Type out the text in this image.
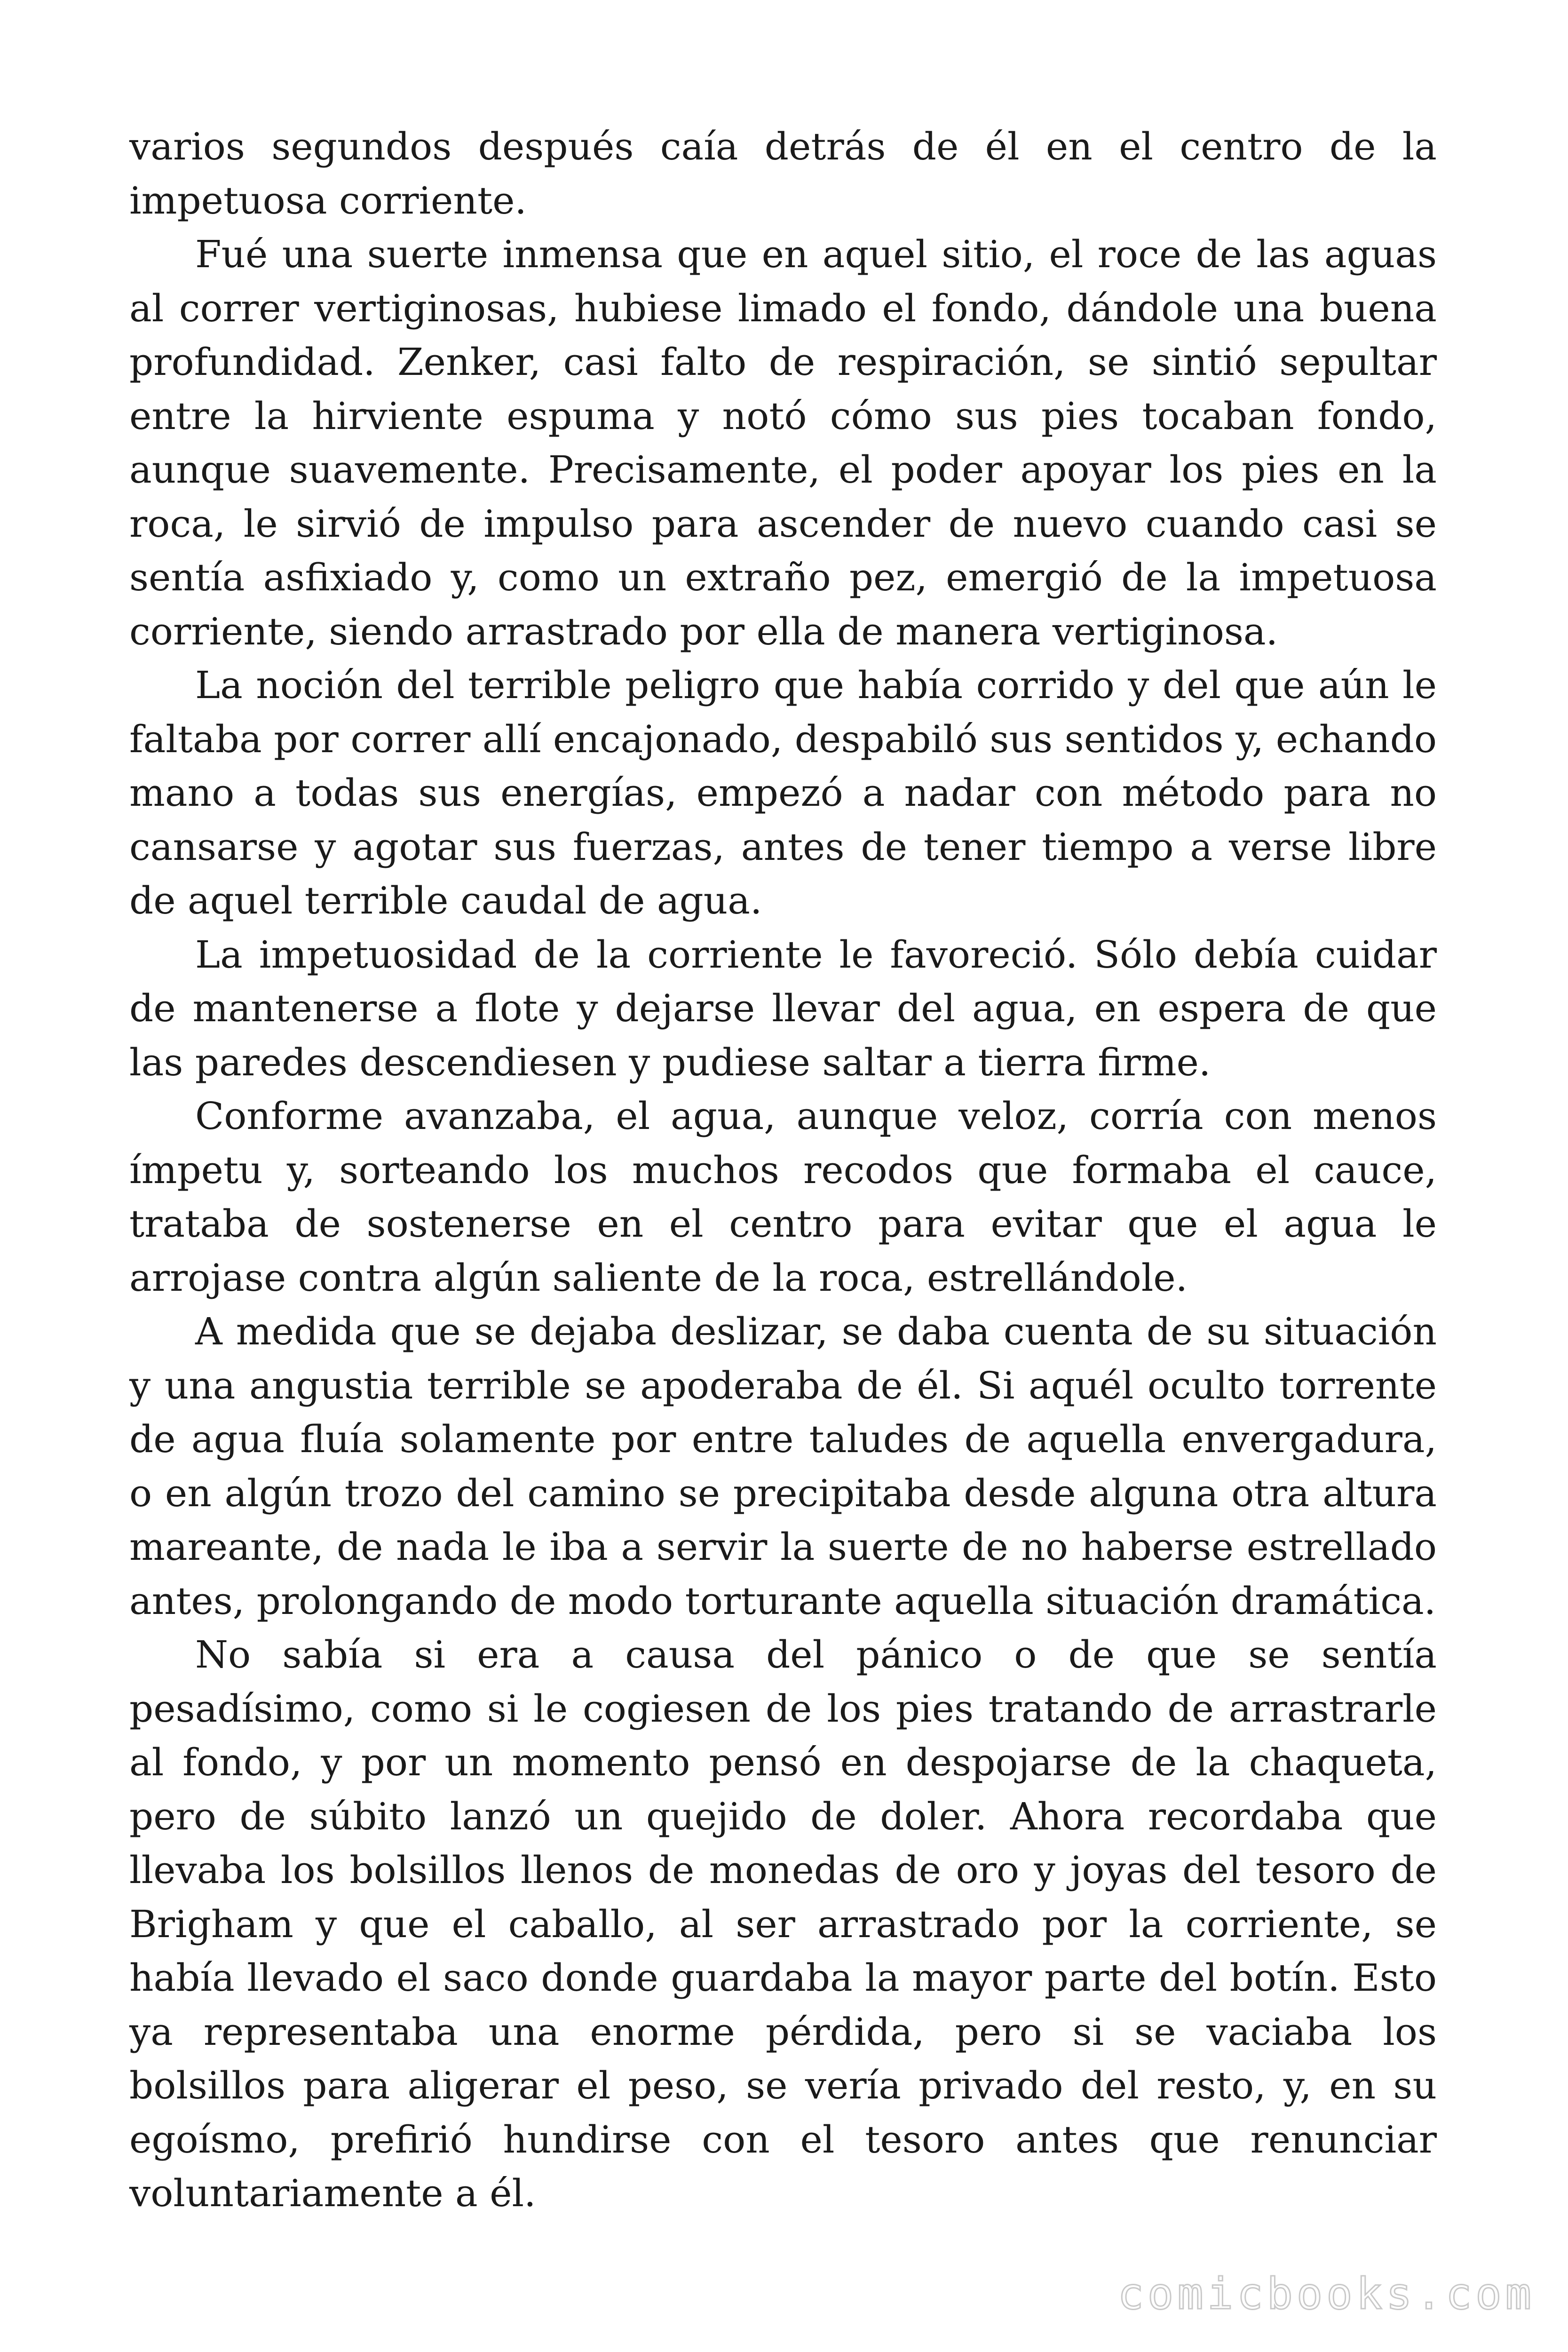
varios segundos después caía detrás de él en el centro de la impetuosa corriente.

Fué una suerte inmensa que en aquel sitio, el roce de las aguas al correr vertiginosas, hubiese limado el fondo, dándole una buena profundidad. Zenker, casi falto de respiración, se sintió sepultar entre la hirviente espuma y notó cómo sus pies tocaban fondo, aunque suavemente. Precisamente, el poder apoyar los pies en la roca, le sirvió de impulso para ascender de nuevo cuando casi se sentía asfixiado y, como un extraño pez, emergió de la impetuosa corriente, siendo arrastrado por ella de manera vertiginosa.

La noción del terrible peligro que había corrido y del que aún le faltaba por correr allí encajonado, despabiló sus sentidos y, echando mano a todas sus energías, empezó a nadar con método para no cansarse y agotar sus fuerzas, antes de tener tiempo a verse libre de aquel terrible caudal de agua.

La impetuosidad de la corriente le favoreció. Sólo debía cuidar de mantenerse a flote y dejarse llevar del agua, en espera de que las paredes descendiesen y pudiese saltar a tierra firme.

Conforme avanzaba, el agua, aunque veloz, corría con menos ímpetu y, sorteando los muchos recodos que formaba el cauce, trataba de sostenerse en el centro para evitar que el agua le arrojase contra algún saliente de la roca, estrellándole.

A medida que se dejaba deslizar, se daba cuenta de su situación y una angustia terrible se apoderaba de él. Si aquél oculto torrente de agua fluía solamente por entre taludes de aquella envergadura, o en algún trozo del camino se precipitaba desde alguna otra altura mareante, de nada le iba a servir la suerte de no haberse estrellado antes, prolongando de modo torturante aquella situación dramática.

No sabía si era a causa del pánico o de que se sentía pesadísimo, como si le cogiesen de los pies tratando de arrastrarle al fondo, y por un momento pensó en despojarse de la chaqueta, pero de súbito lanzó un quejido de doler. Ahora recordaba que llevaba los bolsillos llenos de monedas de oro y joyas del tesoro de Brigham y que el caballo, al ser arrastrado por la corriente, se había llevado el saco donde guardaba la mayor parte del botín. Esto ya representaba una enorme pérdida, pero si se vaciaba los bolsillos para aligerar el peso, se vería privado del resto, y, en su egoísmo, prefirió hundirse con el tesoro antes que renunciar voluntariamente a él.

comicbooks.com
